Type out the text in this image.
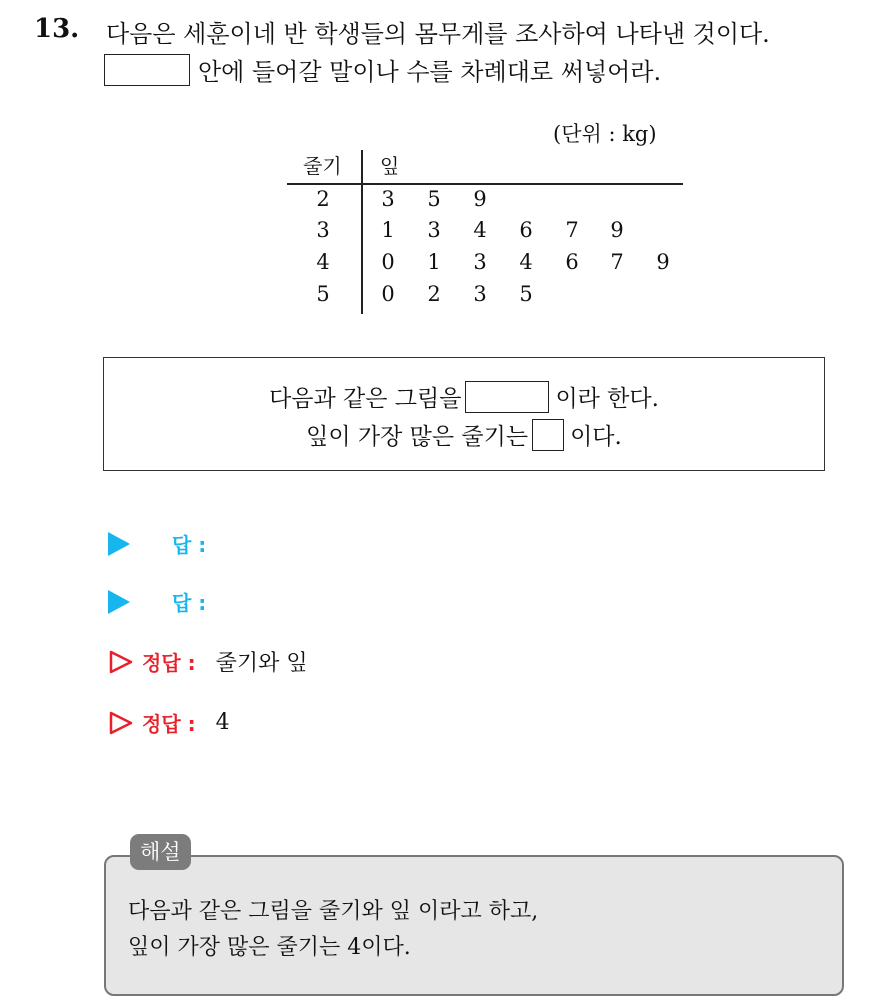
13. 다음은 세훈이네 반 학생들의 몸무게를 조사하여 나타낸 것이다.
안에 들어갈 말이나 수를 차례대로 써넣어라.
(단위 : kg)
줄기 잎
2	3	5	9
3	1	3	4	6	7	9
4	0	1	3	4	6	7	9
5	0	2	3	5
다음과 같은 그림을	이라 한다.
잎이 가장 많은 줄기는 이다.
답 :
답 :
정답 : 줄기와 잎
정답 : 4
해설
다음과 같은 그림을 줄기와 잎 이라고 하고,
잎이 가장 많은 줄기는 4이다.
